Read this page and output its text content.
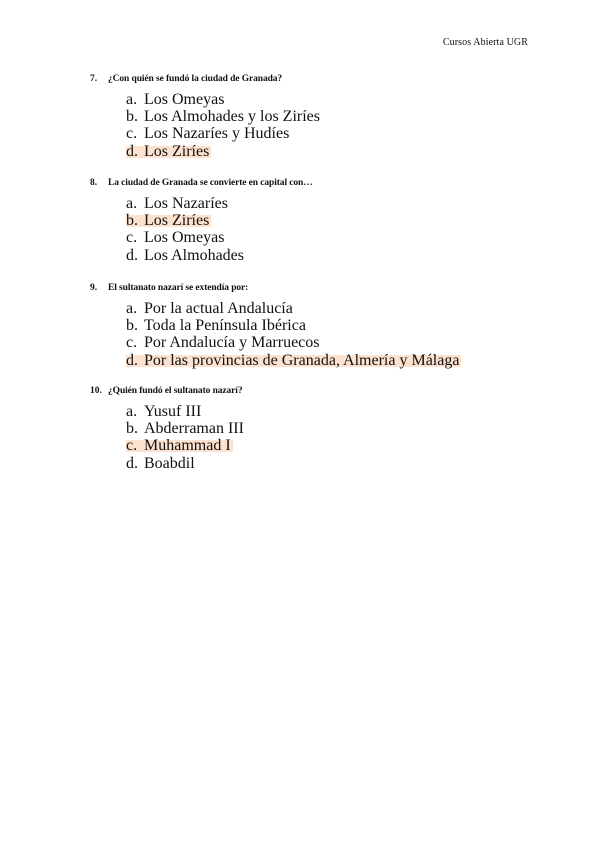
Cursos Abierta UGR
7.	¿Con quién se fundó la ciudad de Granada?
a. Los Omeyas
b. Los Almohades y los Ziríes
c. Los Nazaríes y Hudíes
d. Los Ziríes
8.	La ciudad de Granada se convierte en capital con…
a. Los Nazaríes
b. Los Ziríes
c. Los Omeyas
d. Los Almohades
9.	El sultanato nazarí se extendía por:
a. Por la actual Andalucía
b. Toda la Península Ibérica
c. Por Andalucía y Marruecos
d. Por las provincias de Granada, Almería y Málaga
10. ¿Quién fundó el sultanato nazarí?
a. Yusuf III
b. Abderraman III
c. Muhammad I
d. Boabdil
